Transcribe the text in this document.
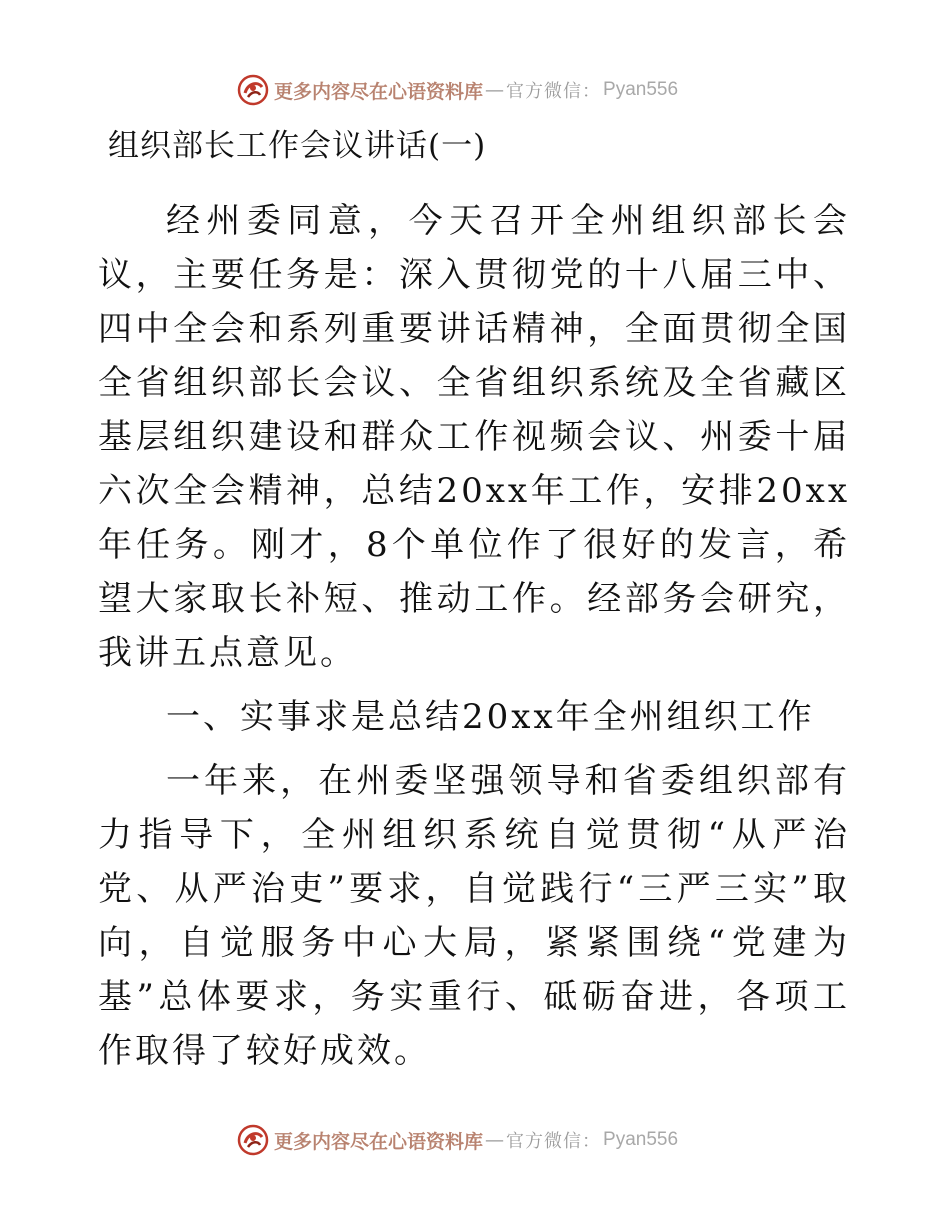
更多内容尽在心语资料库 — 官方微信： Pyan556
组织部长工作会议讲话(一)

经州委同意，今天召开全州组织部长会议，主要任务是：深入贯彻党的十八届三中、四中全会和系列重要讲话精神，全面贯彻全国全省组织部长会议、全省组织系统及全省藏区基层组织建设和群众工作视频会议、州委十届六次全会精神，总结20xx年工作，安排20xx年任务。刚才，8个单位作了很好的发言，希望大家取长补短、推动工作。经部务会研究，我讲五点意见。

一、实事求是总结20xx年全州组织工作

一年来，在州委坚强领导和省委组织部有力指导下，全州组织系统自觉贯彻“从严治党、从严治吏”要求，自觉践行“三严三实”取向，自觉服务中心大局，紧紧围绕“党建为基”总体要求，务实重行、砥砺奋进，各项工作取得了较好成效。

更多内容尽在心语资料库 — 官方微信： Pyan556
